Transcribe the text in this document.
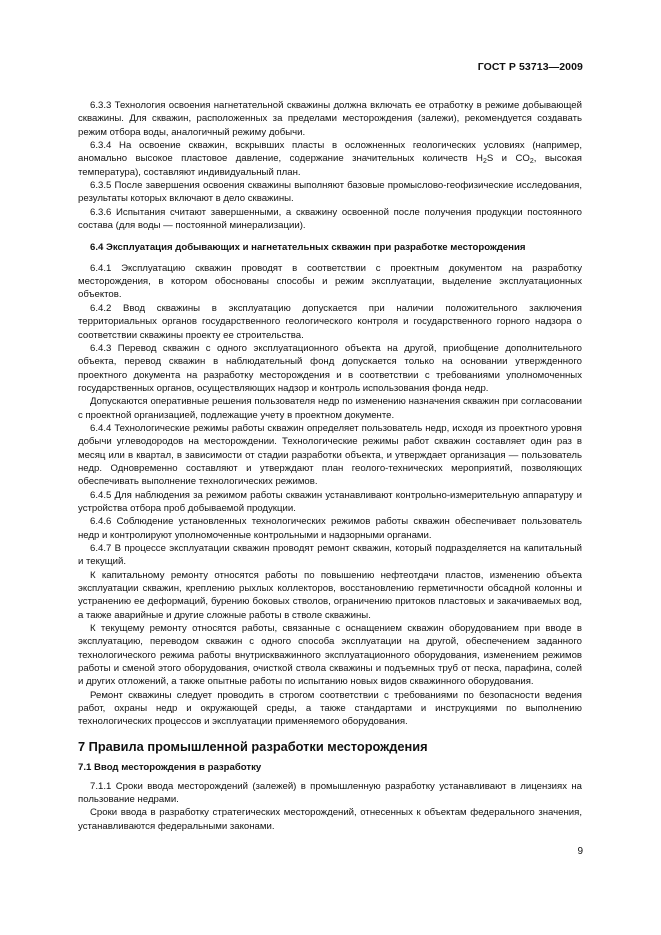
ГОСТ Р 53713—2009

6.3.3 Технология освоения нагнетательной скважины должна включать ее отработку в режиме добывающей скважины. Для скважин, расположенных за пределами месторождения (залежи), рекомендуется создавать режим отбора воды, аналогичный режиму добычи.

6.3.4 На освоение скважин, вскрывших пласты в осложненных геологических условиях (например, аномально высокое пластовое давление, содержание значительных количеств $H_2S$ и $CO_2$, высокая температура), составляют индивидуальный план.

6.3.5 После завершения освоения скважины выполняют базовые промыслово-геофизические исследования, результаты которых включают в дело скважины.

6.3.6 Испытания считают завершенными, а скважину освоенной после получения продукции постоянного состава (для воды — постоянной минерализации).

6.4 Эксплуатация добывающих и нагнетательных скважин при разработке месторождения

6.4.1 Эксплуатацию скважин проводят в соответствии с проектным документом на разработку месторождения, в котором обоснованы способы и режим эксплуатации, выделение эксплуатационных объектов.

6.4.2 Ввод скважины в эксплуатацию допускается при наличии положительного заключения территориальных органов государственного геологического контроля и государственного горного надзора о соответствии скважины проекту ее строительства.

6.4.3 Перевод скважин с одного эксплуатационного объекта на другой, приобщение дополнительного объекта, перевод скважин в наблюдательный фонд допускается только на основании утвержденного проектного документа на разработку месторождения и в соответствии с требованиями уполномоченных государственных органов, осуществляющих надзор и контроль использования фонда недр.

Допускаются оперативные решения пользователя недр по изменению назначения скважин при согласовании с проектной организацией, подлежащие учету в проектном документе.

6.4.4 Технологические режимы работы скважин определяет пользователь недр, исходя из проектного уровня добычи углеводородов на месторождении. Технологические режимы работ скважин составляет один раз в месяц или в квартал, в зависимости от стадии разработки объекта, и утверждает организация — пользователь недр. Одновременно составляют и утверждают план геолого-технических мероприятий, позволяющих обеспечивать выполнение технологических режимов.

6.4.5 Для наблюдения за режимом работы скважин устанавливают контрольно-измерительную аппаратуру и устройства отбора проб добываемой продукции.

6.4.6 Соблюдение установленных технологических режимов работы скважин обеспечивает пользователь недр и контролируют уполномоченные контрольными и надзорными органами.

6.4.7 В процессе эксплуатации скважин проводят ремонт скважин, который подразделяется на капитальный и текущий.

К капитальному ремонту относятся работы по повышению нефтеотдачи пластов, изменению объекта эксплуатации скважин, креплению рыхлых коллекторов, восстановлению герметичности обсадной колонны и устранению ее деформаций, бурению боковых стволов, ограничению притоков пластовых и закачиваемых вод, а также аварийные и другие сложные работы в стволе скважины.

К текущему ремонту относятся работы, связанные с оснащением скважин оборудованием при вводе в эксплуатацию, переводом скважин с одного способа эксплуатации на другой, обеспечением заданного технологического режима работы внутрискважинного эксплуатационного оборудования, изменением режимов работы и сменой этого оборудования, очисткой ствола скважины и подъемных труб от песка, парафина, солей и других отложений, а также опытные работы по испытанию новых видов скважинного оборудования.

Ремонт скважины следует проводить в строгом соответствии с требованиями по безопасности ведения работ, охраны недр и окружающей среды, а также стандартами и инструкциями по выполнению технологических процессов и эксплуатации применяемого оборудования.

7 Правила промышленной разработки месторождения
7.1 Ввод месторождения в разработку

7.1.1 Сроки ввода месторождений (залежей) в промышленную разработку устанавливают в лицензиях на пользование недрами.

Сроки ввода в разработку стратегических месторождений, отнесенных к объектам федерального значения, устанавливаются федеральными законами.

9
